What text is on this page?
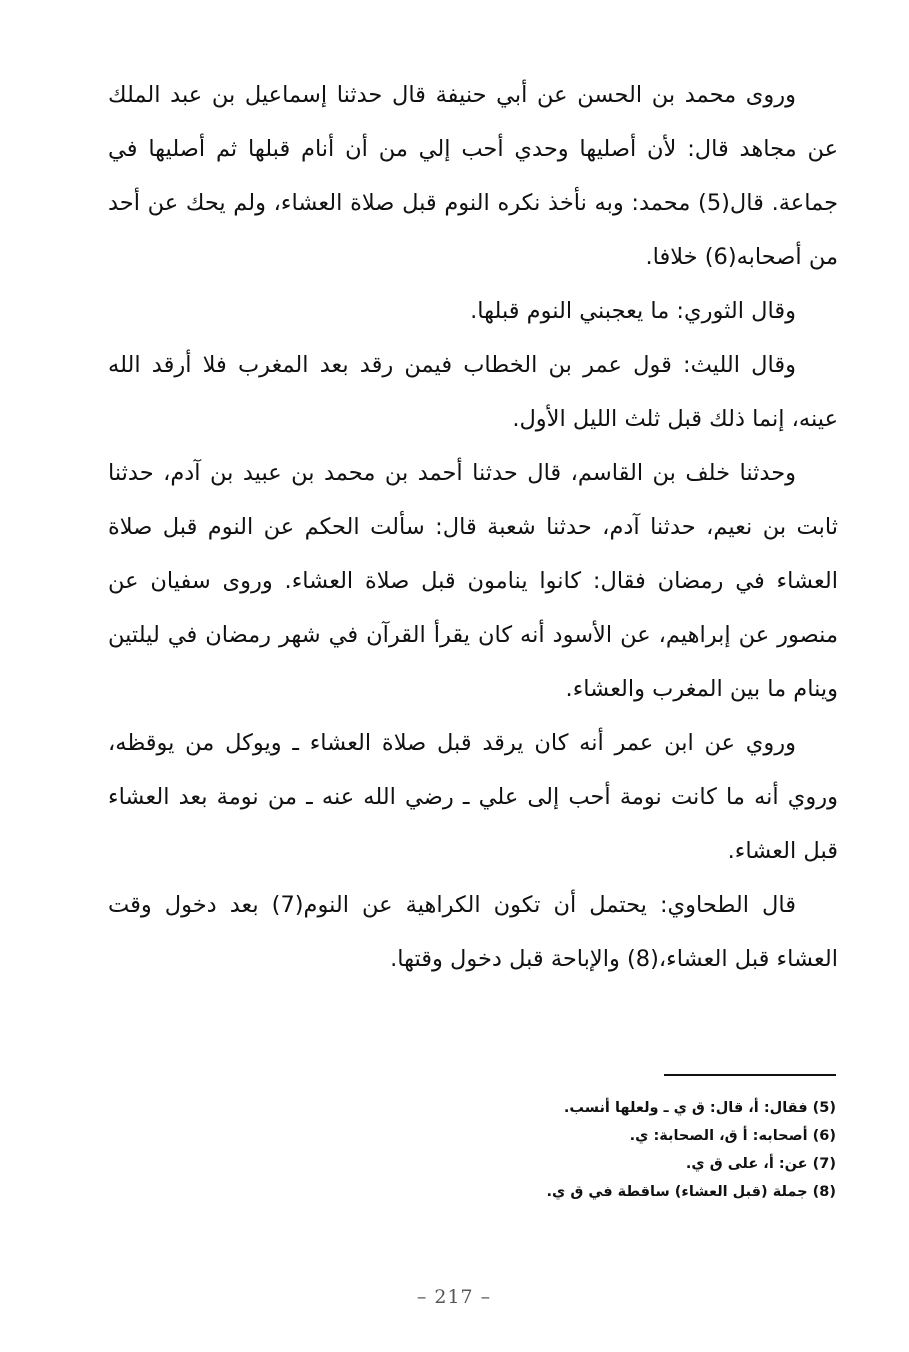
وروى محمد بن الحسن عن أبي حنيفة قال حدثنا إسماعيل بن عبد الملك عن مجاهد قال: لأن أصليها وحدي أحب إلي من أن أنام قبلها ثم أصليها في جماعة. قال(5) محمد: وبه نأخذ نكره النوم قبل صلاة العشاء، ولم يحك عن أحد من أصحابه(6) خلافا.

وقال الثوري: ما يعجبني النوم قبلها.

وقال الليث: قول عمر بن الخطاب فيمن رقد بعد المغرب فلا أرقد الله عينه، إنما ذلك قبل ثلث الليل الأول.

وحدثنا خلف بن القاسم، قال حدثنا أحمد بن محمد بن عبيد بن آدم، حدثنا ثابت بن نعيم، حدثنا آدم، حدثنا شعبة قال: سألت الحكم عن النوم قبل صلاة العشاء في رمضان فقال: كانوا ينامون قبل صلاة العشاء. وروى سفيان عن منصور عن إبراهيم، عن الأسود أنه كان يقرأ القرآن في شهر رمضان في ليلتين وينام ما بين المغرب والعشاء.

وروي عن ابن عمر أنه كان يرقد قبل صلاة العشاء ـ ويوكل من يوقظه، وروي أنه ما كانت نومة أحب إلى علي ـ رضي الله عنه ـ من نومة بعد العشاء قبل العشاء.

قال الطحاوي: يحتمل أن تكون الكراهية عن النوم(7) بعد دخول وقت العشاء قبل العشاء،(8) والإباحة قبل دخول وقتها.

(5) فقال: أ، قال: ق ي ـ ولعلها أنسب.
(6) أصحابه: أ ق، الصحابة: ي.
(7) عن: أ، على ق ي.
(8) جملة (قبل العشاء) ساقطة في ق ي.
– 217 –
